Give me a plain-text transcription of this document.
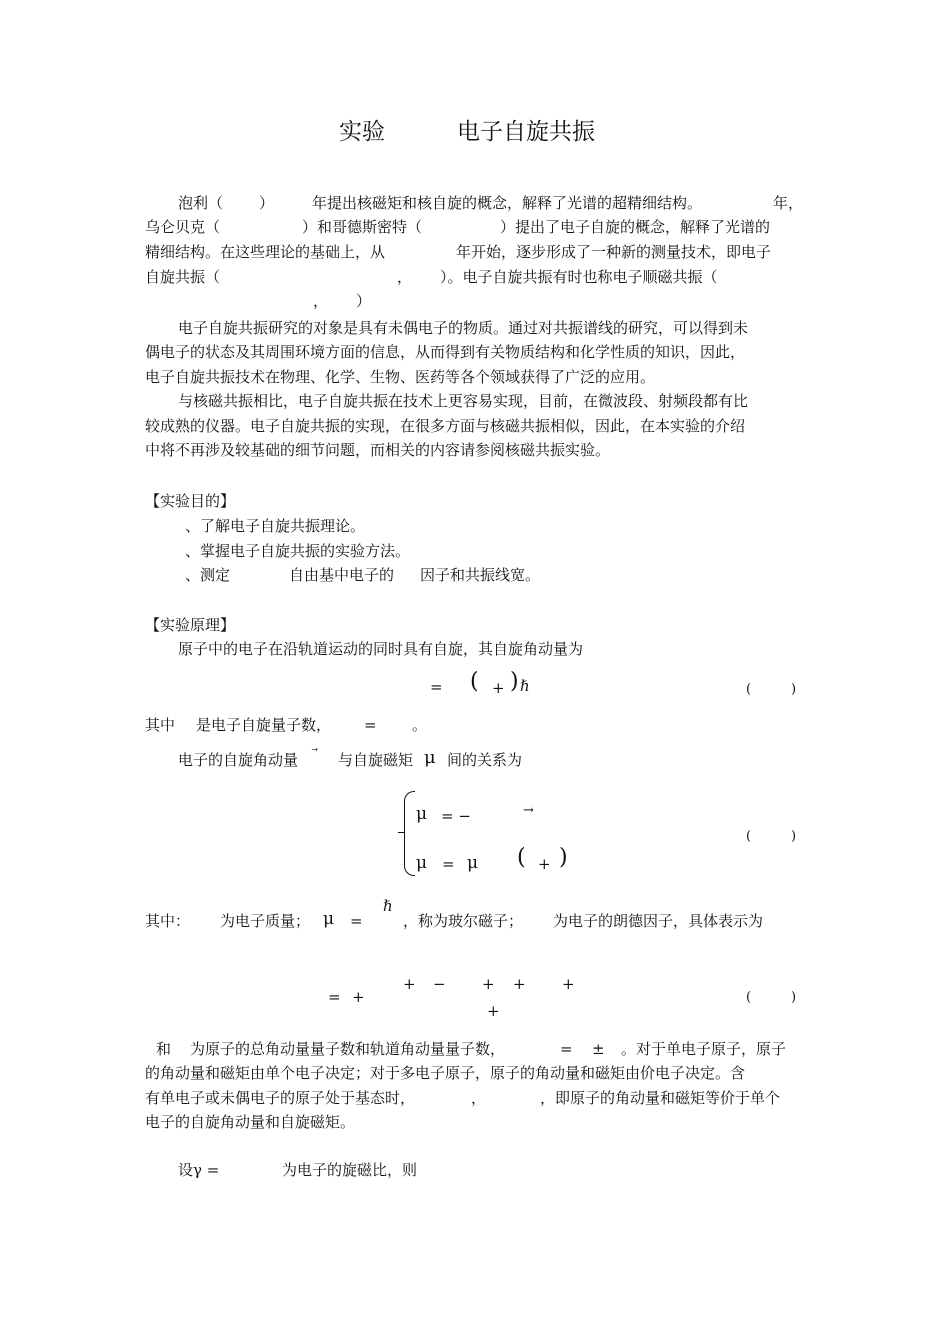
实验	电子自旋共振
泡利（ ）	年提出核磁矩和核自旋的概念，解释了光谱的超精细结构。	年，
乌仑贝克（	）和哥德斯密特（	）提出了电子自旋的概念，解释了光谱的
精细结构。在这些理论的基础上，从	年开始，逐步形成了一种新的测量技术，即电子
自旋共振（	， ）。电子自旋共振有时也称电子顺磁共振（
， ）
电子自旋共振研究的对象是具有未偶电子的物质。通过对共振谱线的研究，可以得到未
偶电子的状态及其周围环境方面的信息，从而得到有关物质结构和化学性质的知识，因此，
电子自旋共振技术在物理、化学、生物、医药等各个领域获得了广泛的应用。
与核磁共振相比，电子自旋共振在技术上更容易实现，目前，在微波段、射频段都有比
较成熟的仪器。电子自旋共振的实现，在很多方面与核磁共振相似，因此，在本实验的介绍
中将不再涉及较基础的细节问题，而相关的内容请参阅核磁共振实验。
【实验目的】
、了解电子自旋共振理论。
、掌握电子自旋共振的实验方法。
、测定	自由基中电子的 因子和共振线宽。
【实验原理】
原子中的电子在沿轨道运动的同时具有自旋，其自旋角动量为
= ( + ) ℏ	(	)
其中 是电子自旋量子数， = 。
电子的自旋角动量	与自旋磁矩 μ 间的关系为
μ = −	→
μ = μ ( + )
(	)
其中： 为电子质量； μ =
ℏ
，称为玻尔磁子； 为电子的朗德因子，具体表示为
= +
+ − + + +
+
(	)
和 为原子的总角动量量子数和轨道角动量量子数，	= ± 。对于单电子原子，原子
的角动量和磁矩由单个电子决定；对于多电子原子，原子的角动量和磁矩由价电子决定。含
有单电子或未偶电子的原子处于基态时，	，	，即原子的角动量和磁矩等价于单个
电子的自旋角动量和自旋磁矩。
设γ =	为电子的旋磁比，则
